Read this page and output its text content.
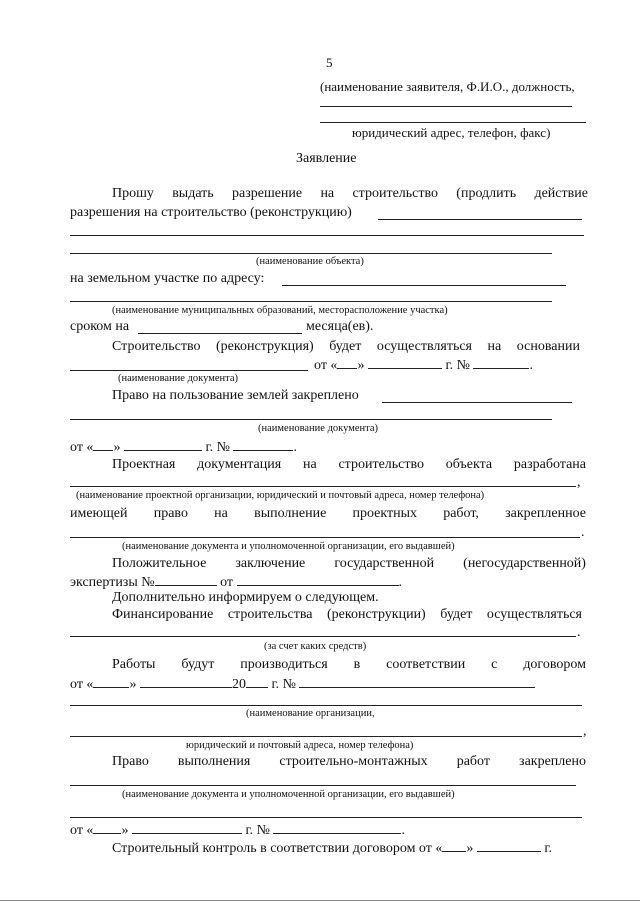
5
(наименование заявителя, Ф.И.О., должность,
юридический адрес, телефон, факс)
Заявление
Прошу выдать разрешение на строительство (продлить действие
разрешения на строительство (реконструкцию)
(наименование объекта)
на земельном участке по адресу:
(наименование муниципальных образований, месторасположение участка)
сроком на	месяца(ев).
Строительство (реконструкция) будет осуществляться на основании
от « »	г. №	.
(наименование документа)
Право на пользование землей закреплено
(наименование документа)
от « »	г. №	.
Проектная документация на строительство объекта разработана
,
(наименование проектной организации, юридический и почтовый адреса, номер телефона)
имеющей право на выполнение проектных работ, закрепленное
.
(наименование документа и уполномоченной организации, его выдавшей)
Положительное заключение государственной (негосударственной)
экспертизы №	от	.
Дополнительно информируем о следующем.
Финансирование строительства (реконструкции) будет осуществляться
.
(за счет каких средств)
Работы будут производиться в соответствии с договором
от «	»	20 г. №
(наименование организации,
,
юридический и почтовый адреса, номер телефона)
Право выполнения строительно-монтажных работ закреплено
(наименование документа и уполномоченной организации, его выдавшей)
от « »	г. №	.
Строительный контроль в соответствии договором от « »	г.
